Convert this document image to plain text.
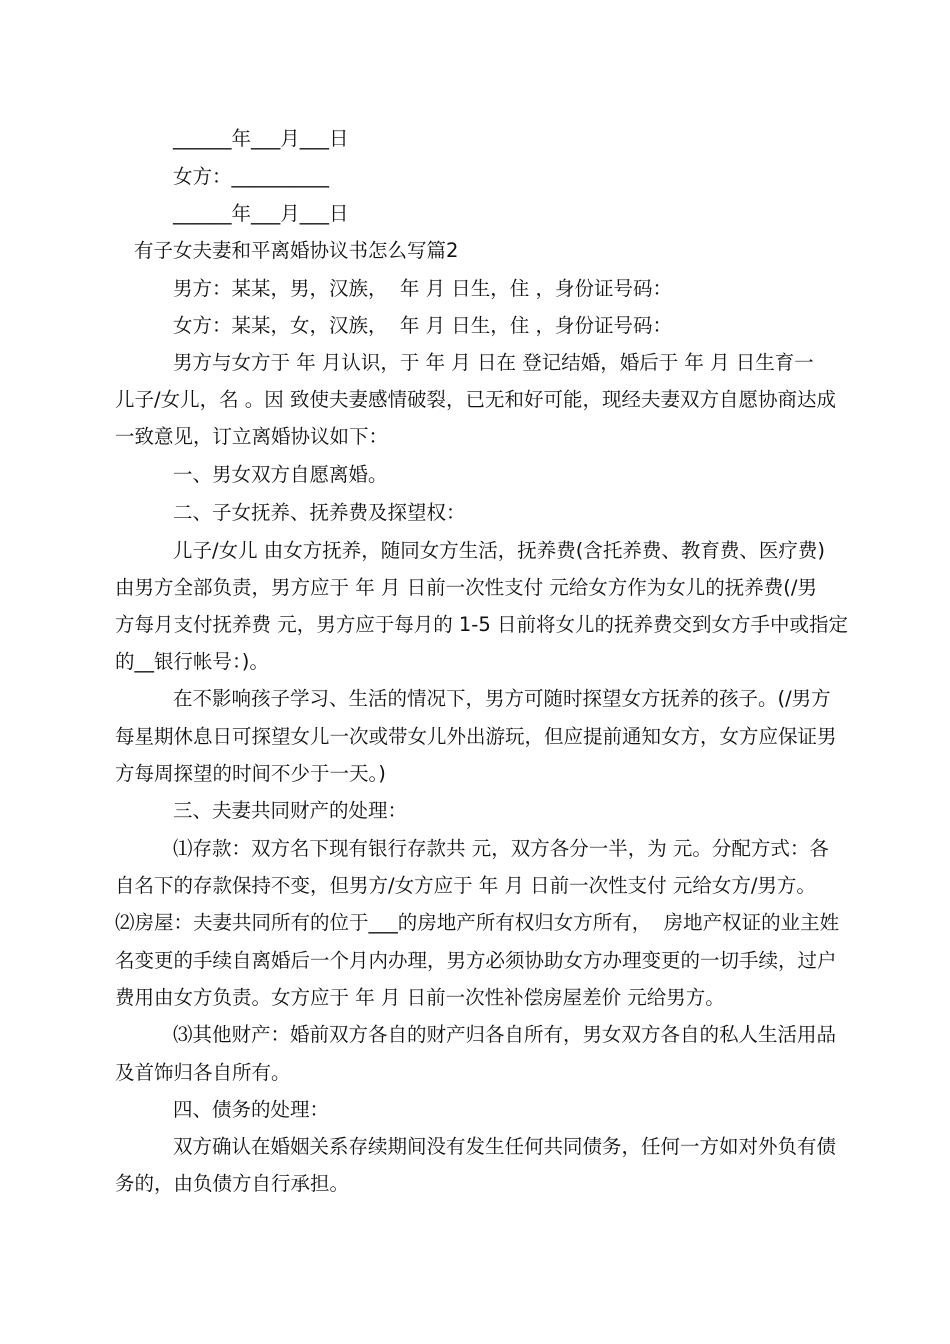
______年___月___日

女方：__________

______年___月___日

有子女夫妻和平离婚协议书怎么写篇2

男方：某某，男，汉族，  年 月 日生，住 ，身份证号码：

女方：某某，女，汉族，  年 月 日生，住 ，身份证号码：

男方与女方于 年 月认识，于 年 月 日在 登记结婚，婚后于 年 月 日生育一

儿子/女儿，名 。因 致使夫妻感情破裂，已无和好可能，现经夫妻双方自愿协商达成

一致意见，订立离婚协议如下：

一、男女双方自愿离婚。

二、子女抚养、抚养费及探望权：

儿子/女儿 由女方抚养，随同女方生活，抚养费(含托养费、教育费、医疗费)

由男方全部负责，男方应于 年 月 日前一次性支付 元给女方作为女儿的抚养费(/男

方每月支付抚养费 元，男方应于每月的 1-5 日前将女儿的抚养费交到女方手中或指定

的__银行帐号：)。

在不影响孩子学习、生活的情况下，男方可随时探望女方抚养的孩子。(/男方

每星期休息日可探望女儿一次或带女儿外出游玩，但应提前通知女方，女方应保证男

方每周探望的时间不少于一天。)

三、夫妻共同财产的处理：

⑴存款：双方名下现有银行存款共 元，双方各分一半，为 元。分配方式：各

自名下的存款保持不变，但男方/女方应于 年 月 日前一次性支付 元给女方/男方。

⑵房屋：夫妻共同所有的位于___的房地产所有权归女方所有，  房地产权证的业主姓

名变更的手续自离婚后一个月内办理，男方必须协助女方办理变更的一切手续，过户

费用由女方负责。女方应于 年 月 日前一次性补偿房屋差价 元给男方。

⑶其他财产：婚前双方各自的财产归各自所有，男女双方各自的私人生活用品

及首饰归各自所有。

四、债务的处理：

双方确认在婚姻关系存续期间没有发生任何共同债务，任何一方如对外负有债

务的，由负债方自行承担。
